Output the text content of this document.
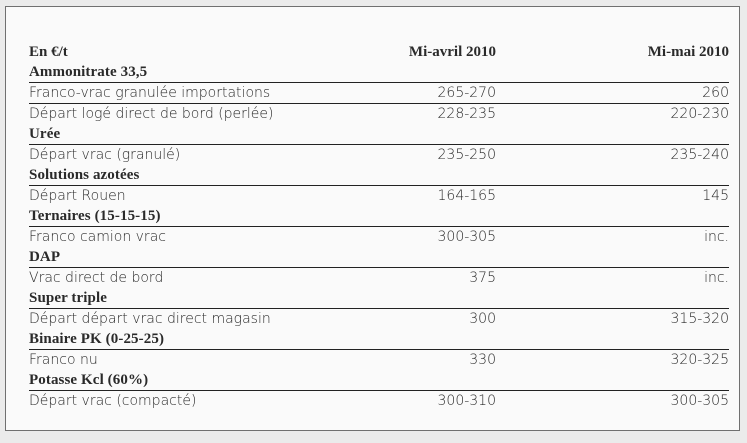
En €/t	Mi-avril 2010	Mi-mai 2010
Ammonitrate 33,5		
Franco-vrac granulée importations	265-270	260
Départ logé direct de bord (perlée)	228-235	220-230
Urée		
Départ vrac (granulé)	235-250	235-240
Solutions azotées		
Départ Rouen	164-165	145
Ternaires (15-15-15)		
Franco camion vrac	300-305	inc.
DAP		
Vrac direct de bord	375	inc.
Super triple		
Départ départ vrac direct magasin	300	315-320
Binaire PK (0-25-25)		
Franco nu	330	320-325
Potasse Kcl (60%)		
Départ vrac (compacté)	300-310	300-305
